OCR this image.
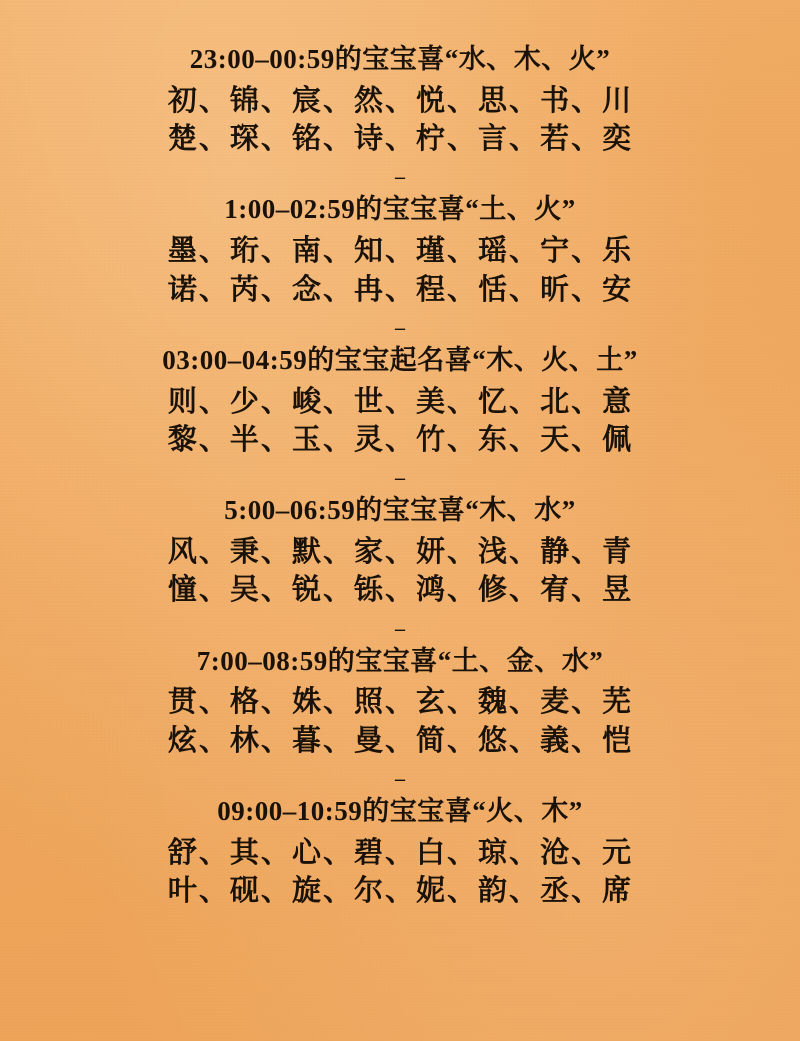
23:00–00:59的宝宝喜“水、木、火”

初、锦、宸、然、悦、思、书、川

楚、琛、铭、诗、柠、言、若、奕

–

1:00–02:59的宝宝喜“土、火”

墨、珩、南、知、瑾、瑶、宁、乐

诺、芮、念、冉、程、恬、昕、安

–

03:00–04:59的宝宝起名喜“木、火、土”

则、少、峻、世、美、忆、北、意

黎、半、玉、灵、竹、东、天、佩

–

5:00–06:59的宝宝喜“木、水”

风、秉、默、家、妍、浅、静、青

憧、吴、锐、铄、鸿、修、宥、昱

–

7:00–08:59的宝宝喜“土、金、水”

贯、格、姝、照、玄、魏、麦、芜

炫、林、暮、曼、简、悠、義、恺

–

09:00–10:59的宝宝喜“火、木”

舒、其、心、碧、白、琼、沧、元

叶、砚、旋、尔、妮、韵、丞、席
